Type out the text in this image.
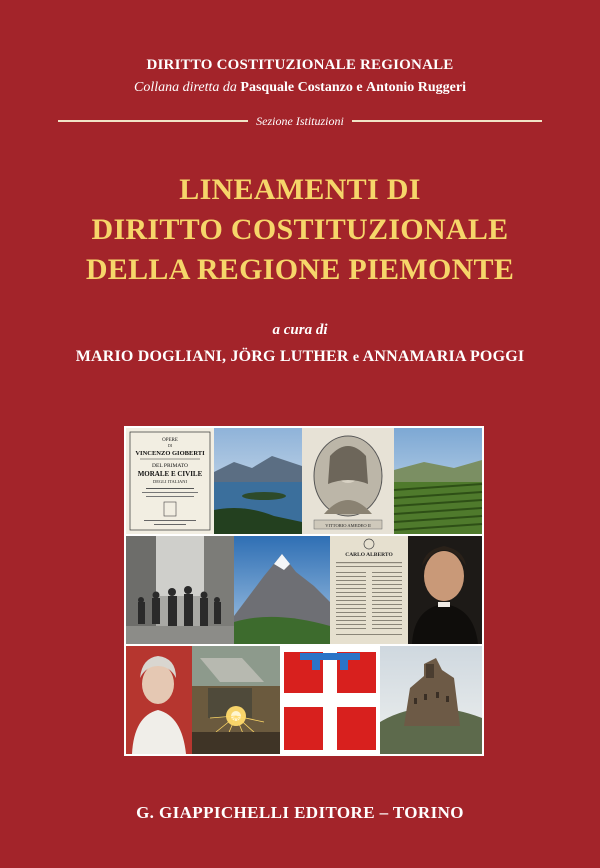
DIRITTO COSTITUZIONALE REGIONALE
Collana diretta da Pasquale Costanzo e Antonio Ruggeri
Sezione Istituzioni
LINEAMENTI DI
DIRITTO COSTITUZIONALE
DELLA REGIONE PIEMONTE
a cura di
MARIO DOGLIANI, JÖRG LUTHER e ANNAMARIA POGGI
OPERE
DI
VINCENZO GIOBERTI
DEL PRIMATO
MORALE E CIVILE
DEGLI ITALIANI
VITTORIO AMEDEO II
CARLO ALBERTO
G. GIAPPICHELLI EDITORE – TORINO
